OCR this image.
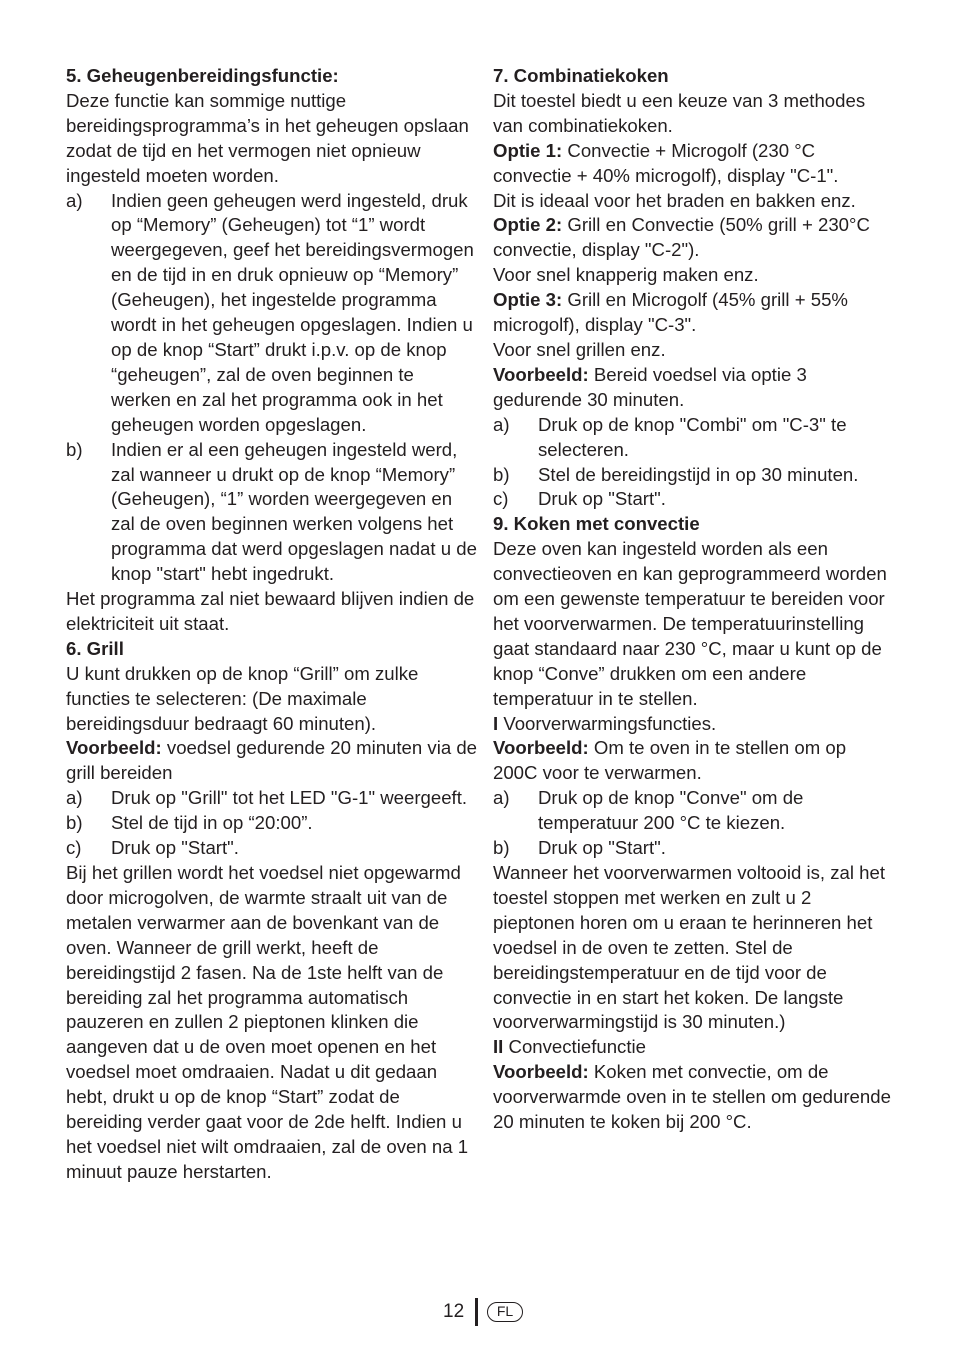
5. Geheugenbereidingsfunctie:

Deze functie kan sommige nuttige bereidingsprogramma’s in het geheugen opslaan zodat de tijd en het vermogen niet opnieuw ingesteld moeten worden.

a)	Indien geen geheugen werd ingesteld, druk op “Memory” (Geheugen) tot “1” wordt weergegeven, geef het bereidingsvermogen en de tijd in en druk opnieuw op “Memory” (Geheugen), het ingestelde programma wordt in het geheugen opgeslagen. Indien u op de knop “Start” drukt i.p.v. op de knop “geheugen”, zal de oven beginnen te werken en zal het programma ook in het geheugen worden opgeslagen.
b)	Indien er al een geheugen ingesteld werd, zal wanneer u drukt op de knop “Memory” (Geheugen), “1” worden weergegeven en zal de oven beginnen werken volgens het programma dat werd opgeslagen nadat u de knop "start" hebt ingedrukt.

Het programma zal niet bewaard blijven indien de elektriciteit uit staat.

6. Grill

U kunt drukken op de knop “Grill” om zulke functies te selecteren: (De maximale bereidingsduur bedraagt 60 minuten).

Voorbeeld: voedsel gedurende 20 minuten via de grill bereiden

a)	Druk op "Grill" tot het LED "G-1" weergeeft.
b)	Stel de tijd in op “20:00”.
c)	Druk op "Start".

Bij het grillen wordt het voedsel niet opgewarmd door microgolven, de warmte straalt uit van de metalen verwarmer aan de bovenkant van de oven. Wanneer de grill werkt, heeft de bereidingstijd 2 fasen. Na de 1ste helft van de bereiding zal het programma automatisch pauzeren en zullen 2 pieptonen klinken die aangeven dat u de oven moet openen en het voedsel moet omdraaien. Nadat u dit gedaan hebt, drukt u op de knop “Start” zodat de bereiding verder gaat voor de 2de helft. Indien u het voedsel niet wilt omdraaien, zal de oven na 1 minuut pauze herstarten.

7. Combinatiekoken

Dit toestel biedt u een keuze van 3 methodes van combinatiekoken.

Optie 1: Convectie + Microgolf (230 °C convectie + 40% microgolf), display "C-1".

Dit is ideaal voor het braden en bakken enz.

Optie 2: Grill en Convectie (50% grill + 230°C convectie, display "C-2").

Voor snel knapperig maken enz.

Optie 3: Grill en Microgolf (45% grill + 55% microgolf), display "C-3".

Voor snel grillen enz.

Voorbeeld: Bereid voedsel via optie 3 gedurende 30 minuten.

a)	Druk op de knop "Combi" om "C-3" te selecteren.
b)	Stel de bereidingstijd in op 30 minuten.
c)	Druk op "Start".
9. Koken met convectie

Deze oven kan ingesteld worden als een convectieoven en kan geprogrammeerd worden om een gewenste temperatuur te bereiden voor het voorverwarmen. De temperatuurinstelling gaat standaard naar 230 °C, maar u kunt op de knop “Conve” drukken om een andere temperatuur in te stellen.

I Voorverwarmingsfuncties.

Voorbeeld: Om te oven in te stellen om op 200C voor te verwarmen.

a)	Druk op de knop "Conve" om de temperatuur 200 °C te kiezen.
b)	Druk op "Start".

Wanneer het voorverwarmen voltooid is, zal het toestel stoppen met werken en zult u 2 pieptonen horen om u eraan te herinneren het voedsel in de oven te zetten. Stel de bereidingstemperatuur en de tijd voor de convectie in en start het koken. De langste voorverwarmingstijd is 30 minuten.)

II Convectiefunctie

Voorbeeld: Koken met convectie, om de voorverwarmde oven in te stellen om gedurende 20 minuten te koken bij 200 °C.

12	FL
